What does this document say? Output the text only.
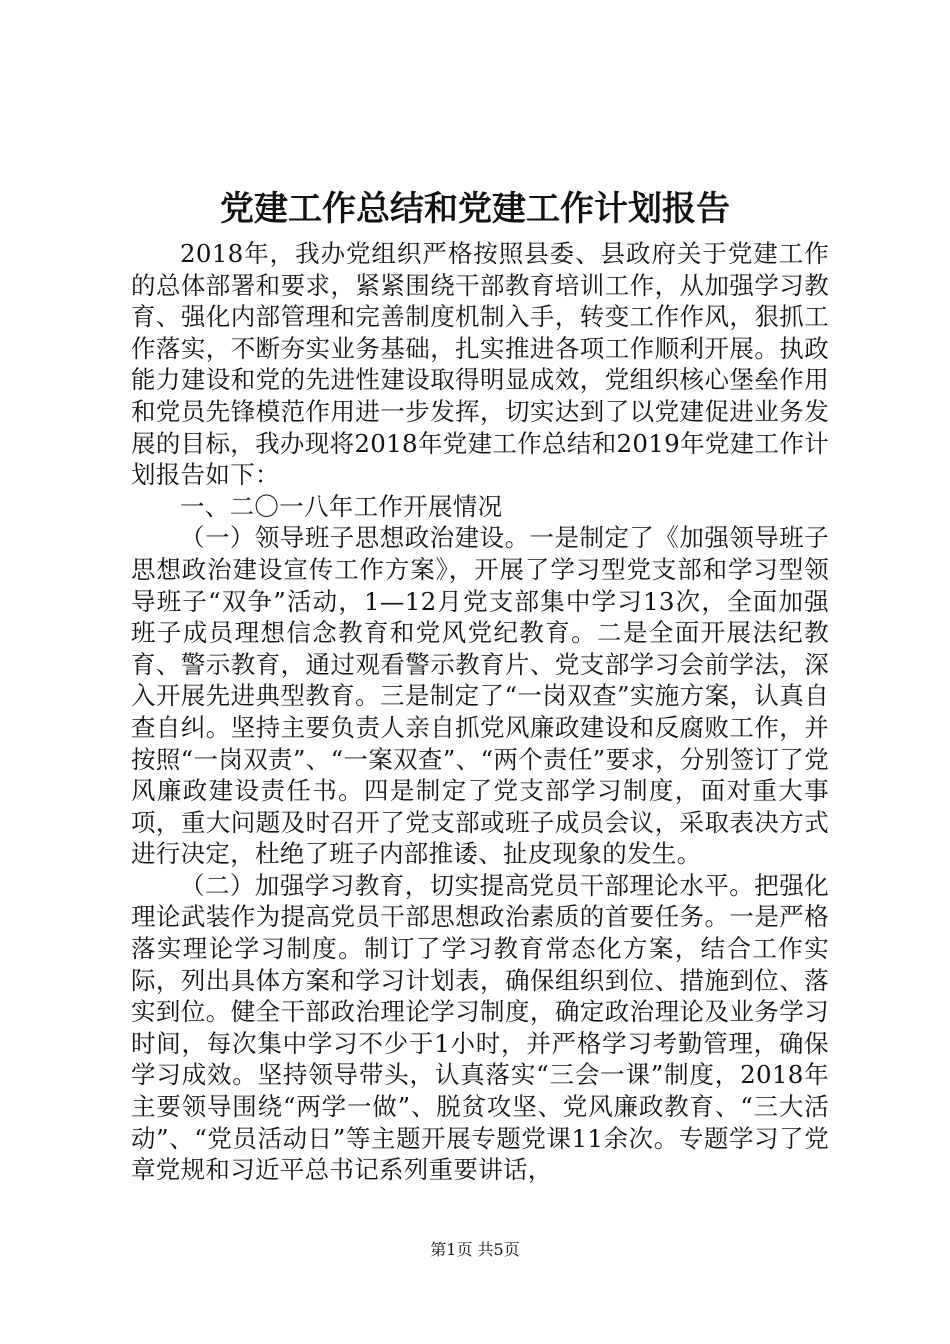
党建工作总结和党建工作计划报告

2018年，我办党组织严格按照县委、县政府关于党建工作的总体部署和要求，紧紧围绕干部教育培训工作，从加强学习教育、强化内部管理和完善制度机制入手，转变工作作风，狠抓工作落实，不断夯实业务基础，扎实推进各项工作顺利开展。执政能力建设和党的先进性建设取得明显成效，党组织核心堡垒作用和党员先锋模范作用进一步发挥，切实达到了以党建促进业务发展的目标，我办现将2018年党建工作总结和2019年党建工作计划报告如下：

一、二〇一八年工作开展情况

（一）领导班子思想政治建设。一是制定了《加强领导班子思想政治建设宣传工作方案》，开展了学习型党支部和学习型领导班子“双争”活动，1—12月党支部集中学习13次，全面加强班子成员理想信念教育和党风党纪教育。二是全面开展法纪教育、警示教育，通过观看警示教育片、党支部学习会前学法，深入开展先进典型教育。三是制定了“一岗双查”实施方案，认真自查自纠。坚持主要负责人亲自抓党风廉政建设和反腐败工作，并按照“一岗双责”、“一案双查”、“两个责任”要求，分别签订了党风廉政建设责任书。四是制定了党支部学习制度，面对重大事项，重大问题及时召开了党支部或班子成员会议，采取表决方式进行决定，杜绝了班子内部推诿、扯皮现象的发生。

（二）加强学习教育，切实提高党员干部理论水平。把强化理论武装作为提高党员干部思想政治素质的首要任务。一是严格落实理论学习制度。制订了学习教育常态化方案，结合工作实际，列出具体方案和学习计划表，确保组织到位、措施到位、落实到位。健全干部政治理论学习制度，确定政治理论及业务学习时间，每次集中学习不少于1小时，并严格学习考勤管理，确保学习成效。坚持领导带头，认真落实“三会一课”制度，2018年主要领导围绕“两学一做”、脱贫攻坚、党风廉政教育、“三大活动”、“党员活动日”等主题开展专题党课11余次。专题学习了党章党规和习近平总书记系列重要讲话，

第1页 共5页
